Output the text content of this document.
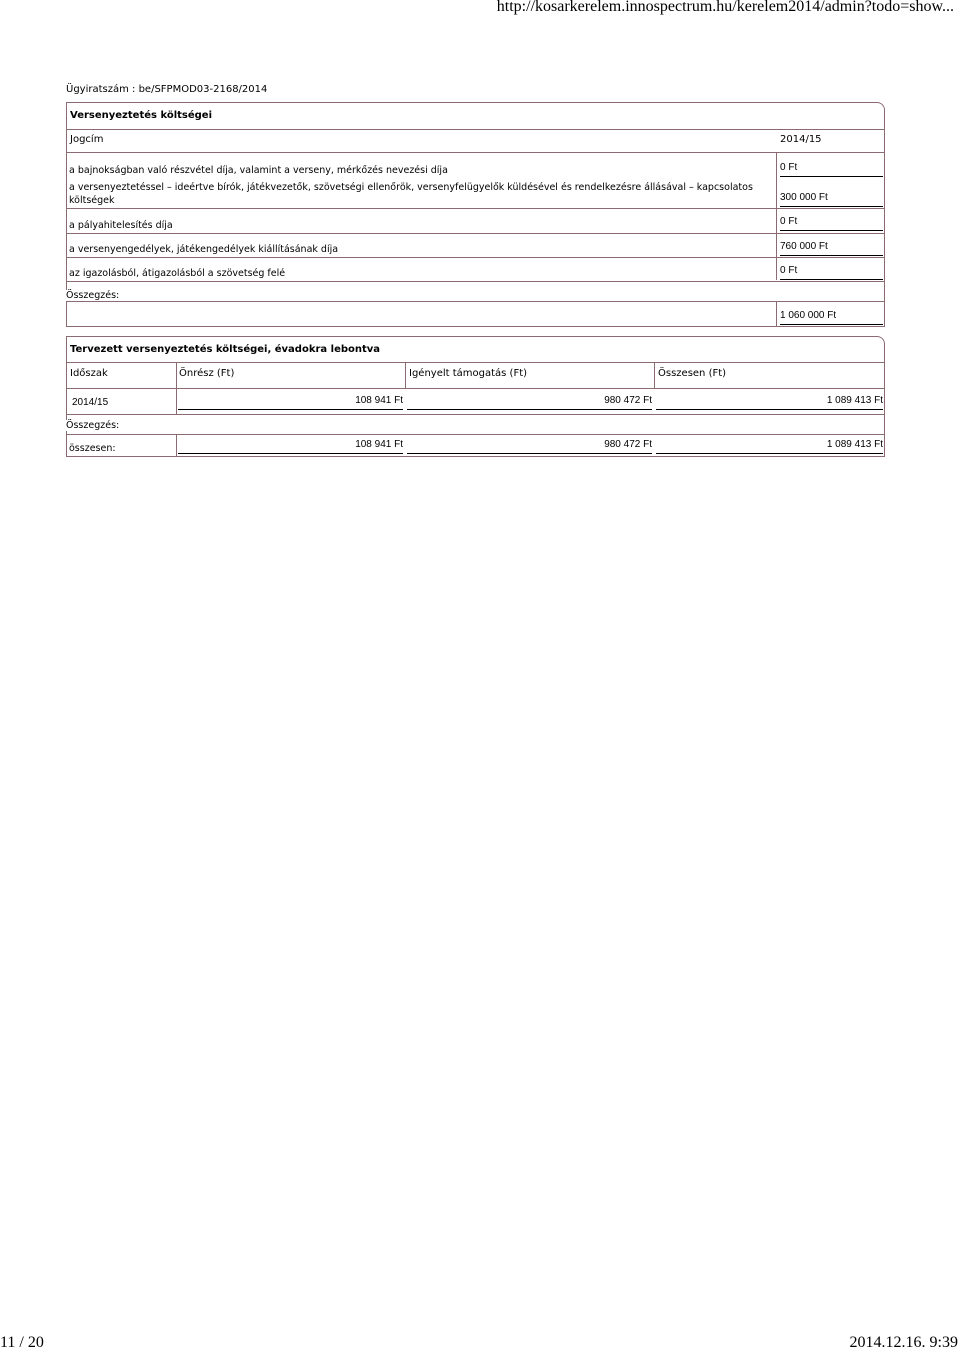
http://kosarkerelem.innospectrum.hu/kerelem2014/admin?todo=show...
Ügyiratszám : be/SFPMOD03-2168/2014
Versenyeztetés költségei
Jogcím	2014/15
a bajnokságban való részvétel díja, valamint a verseny, mérkőzés nevezési díja	0 Ft
a versenyeztetéssel – ideértve bírók, játékvezetők, szövetségi ellenőrök, versenyfelügyelők küldésével és rendelkezésre állásával – kapcsolatos
költségek	300 000 Ft
a pályahitelesítés díja	0 Ft
a versenyengedélyek, játékengedélyek kiállításának díja	760 000 Ft
az igazolásból, átigazolásból a szövetség felé	0 Ft
Összegzés:
1 060 000 Ft
Tervezett versenyeztetés költségei, évadokra lebontva
Időszak	Önrész (Ft)	Igényelt támogatás (Ft)	Összesen (Ft)
2014/15	108 941 Ft	980 472 Ft	1 089 413 Ft
Összegzés:
összesen:	108 941 Ft	980 472 Ft	1 089 413 Ft
11 / 20	2014.12.16. 9:39
